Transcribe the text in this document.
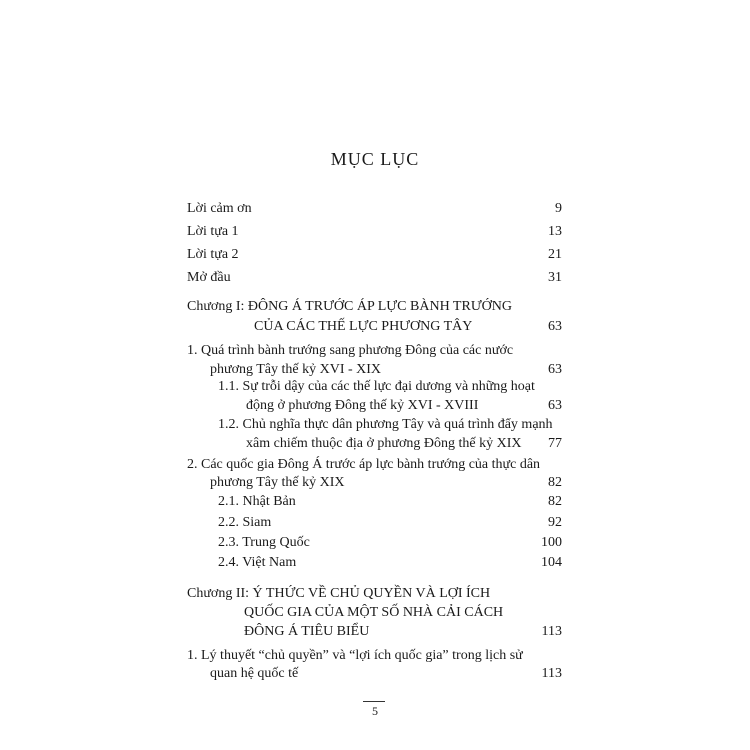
MỤC LỤC
Lời cảm ơn	9
Lời tựa 1	13
Lời tựa 2	21
Mở đầu	31
Chương I: ĐÔNG Á TRƯỚC ÁP LỰC BÀNH TRƯỚNG
CỦA CÁC THẾ LỰC PHƯƠNG TÂY	63
1. Quá trình bành trướng sang phương Đông của các nước
phương Tây thế kỷ XVI - XIX	63
1.1. Sự trỗi dậy của các thế lực đại dương và những hoạt
động ở phương Đông thế kỷ XVI - XVIII	63
1.2. Chủ nghĩa thực dân phương Tây và quá trình đẩy mạnh
xâm chiếm thuộc địa ở phương Đông thế kỷ XIX	77
2. Các quốc gia Đông Á trước áp lực bành trướng của thực dân
phương Tây thế kỷ XIX	82
2.1. Nhật Bản	82
2.2. Siam	92
2.3. Trung Quốc	100
2.4. Việt Nam	104
Chương II: Ý THỨC VỀ CHỦ QUYỀN VÀ LỢI ÍCH
QUỐC GIA CỦA MỘT SỐ NHÀ CẢI CÁCH
ĐÔNG Á TIÊU BIỂU	113
1. Lý thuyết “chủ quyền” và “lợi ích quốc gia” trong lịch sử
quan hệ quốc tế	113
5
